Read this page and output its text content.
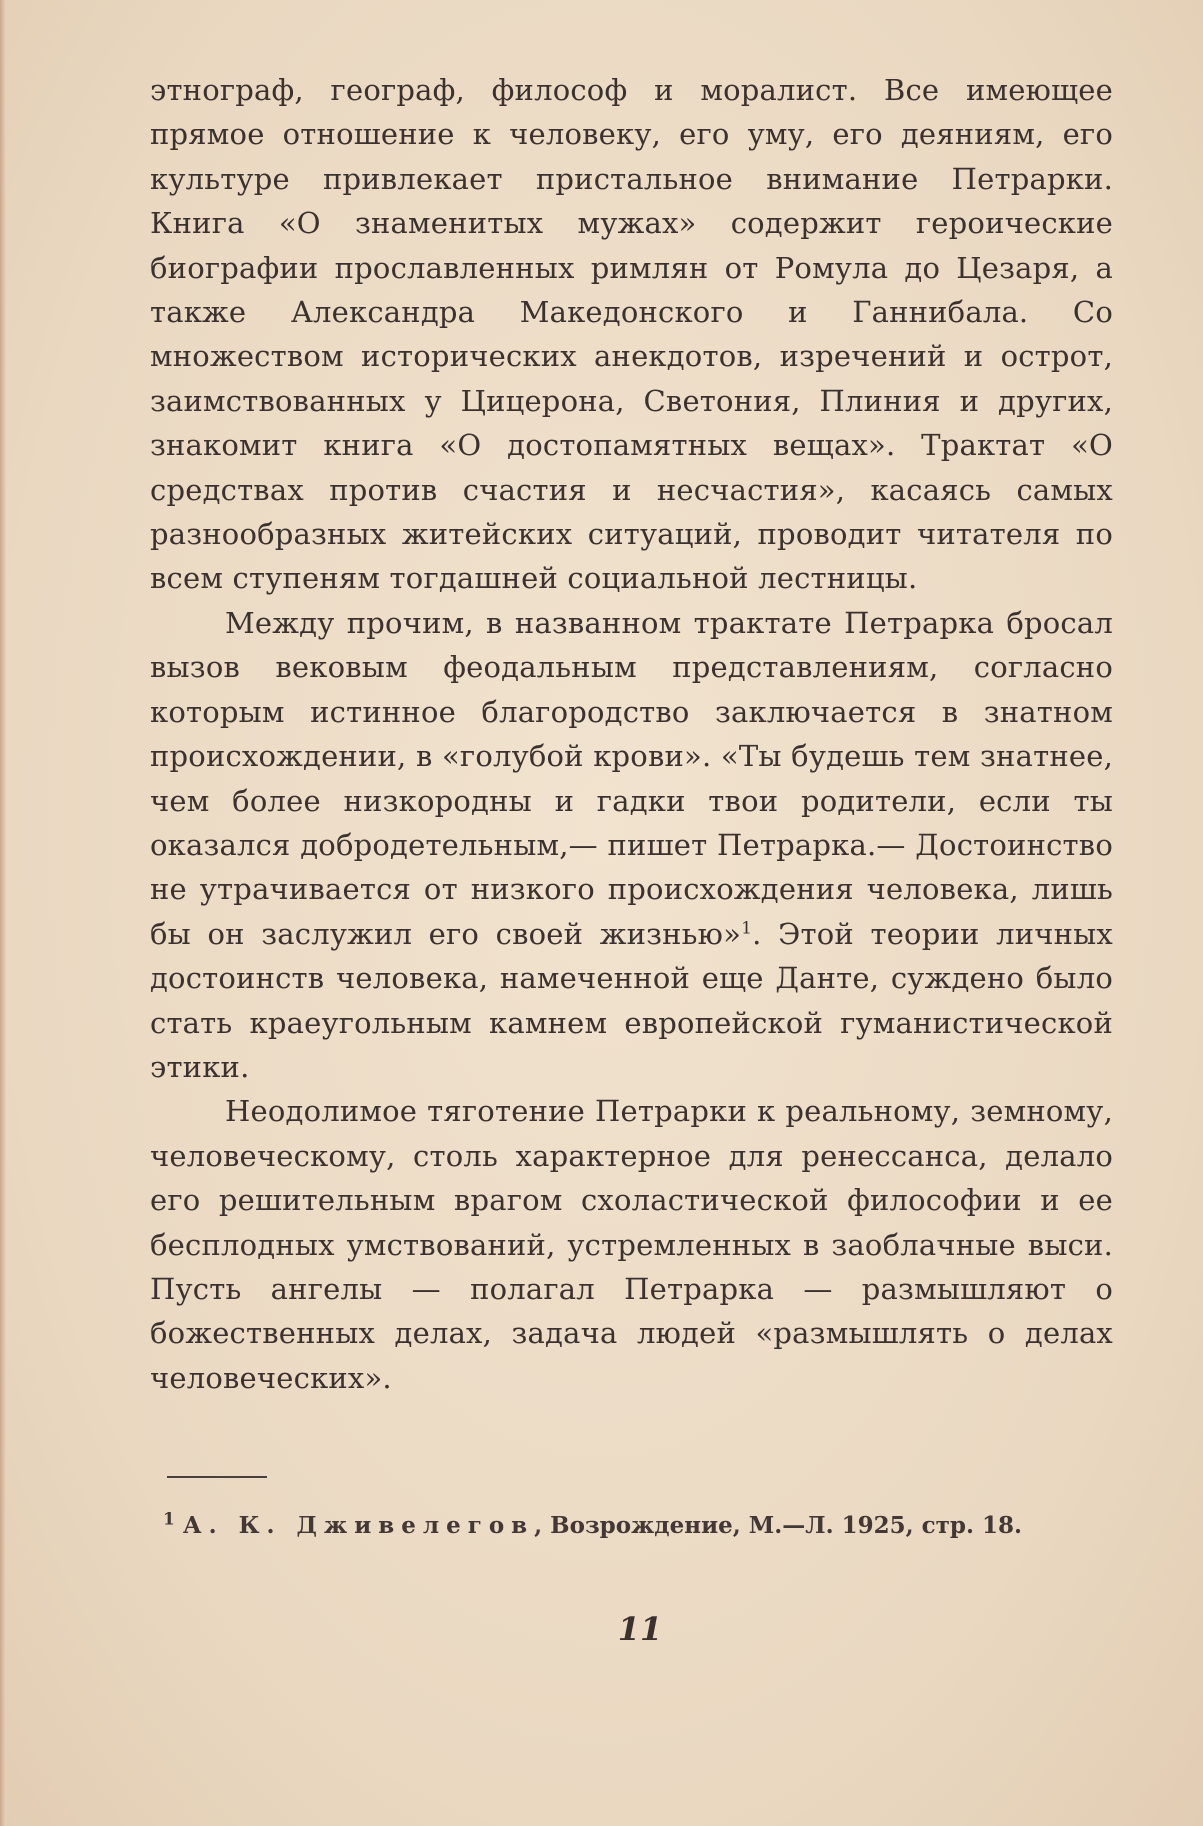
этнограф, географ, философ и моралист. Все имеющее прямое отношение к человеку, его уму, его деяниям, его культуре привлекает пристальное внимание Петрарки. Книга «О знаменитых мужах» содержит героические биографии прославленных римлян от Ромула до Цезаря, а также Александра Македонского и Ганнибала. Со множеством исторических анекдотов, изречений и острот, заимствованных у Цицерона, Светония, Плиния и других, знакомит книга «О достопамятных вещах». Трактат «О средствах против счастия и несчастия», касаясь самых разнообразных житейских ситуаций, проводит читателя по всем ступеням тогдашней социальной лестницы.

Между прочим, в названном трактате Петрарка бросал вызов вековым феодальным представлениям, согласно которым истинное благородство заключается в знатном происхождении, в «голубой крови». «Ты будешь тем знатнее, чем более низкородны и гадки твои родители, если ты оказался добродетельным,— пишет Петрарка.— Достоинство не утрачивается от низкого происхождения человека, лишь бы он заслужил его своей жизнью»$^1$. Этой теории личных достоинств человека, намеченной еще Данте, суждено было стать краеугольным камнем европейской гуманистической этики.

Неодолимое тяготение Петрарки к реальному, земному, человеческому, столь характерное для ренессанса, делало его решительным врагом схоластической философии и ее бесплодных умствований, устремленных в заоблачные выси. Пусть ангелы — полагал Петрарка — размышляют о божественных делах, задача людей «размышлять о делах человеческих».

$^1$ А. К. Дживелегов, Возрождение, М.—Л. 1925, стр. 18.
11
